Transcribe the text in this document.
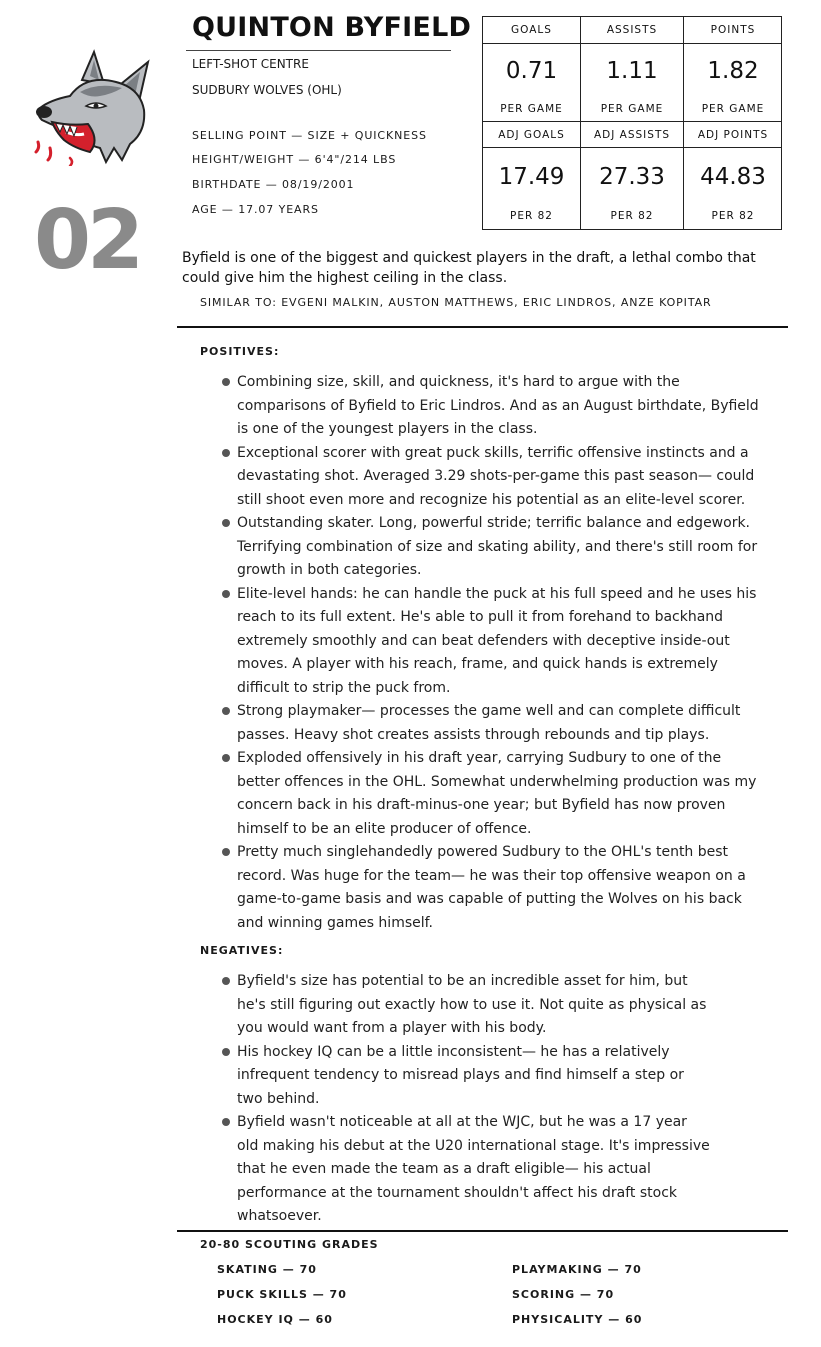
02
QUINTON BYFIELD
LEFT-SHOT CENTRE
SUDBURY WOLVES (OHL)
SELLING POINT — SIZE + QUICKNESS
HEIGHT/WEIGHT — 6'4"/214 LBS
BIRTHDATE — 08/19/2001
AGE — 17.07 YEARS
GOALS	ASSISTS	POINTS
0.71	1.11	1.82
PER GAME	PER GAME	PER GAME
ADJ GOALS	ADJ ASSISTS	ADJ POINTS
17.49	27.33	44.83
PER 82	PER 82	PER 82
Byfield is one of the biggest and quickest players in the draft, a lethal combo that could give him the highest ceiling in the class.
SIMILAR TO: EVGENI MALKIN, AUSTON MATTHEWS, ERIC LINDROS, ANZE KOPITAR
POSITIVES:
Combining size, skill, and quickness, it's hard to argue with the comparisons of Byfield to Eric Lindros. And as an August birthdate, Byfield is one of the youngest players in the class.
Exceptional scorer with great puck skills, terrific offensive instincts and a devastating shot. Averaged 3.29 shots-per-game this past season— could still shoot even more and recognize his potential as an elite-level scorer.
Outstanding skater. Long, powerful stride; terrific balance and edgework. Terrifying combination of size and skating ability, and there's still room for growth in both categories.
Elite-level hands: he can handle the puck at his full speed and he uses his reach to its full extent. He's able to pull it from forehand to backhand extremely smoothly and can beat defenders with deceptive inside-out moves. A player with his reach, frame, and quick hands is extremely difficult to strip the puck from.
Strong playmaker— processes the game well and can complete difficult passes. Heavy shot creates assists through rebounds and tip plays.
Exploded offensively in his draft year, carrying Sudbury to one of the better offences in the OHL. Somewhat underwhelming production was my concern back in his draft-minus-one year; but Byfield has now proven himself to be an elite producer of offence.
Pretty much singlehandedly powered Sudbury to the OHL's tenth best record. Was huge for the team— he was their top offensive weapon on a game-to-game basis and was capable of putting the Wolves on his back and winning games himself.
NEGATIVES:
Byfield's size has potential to be an incredible asset for him, but he's still figuring out exactly how to use it. Not quite as physical as you would want from a player with his body.
His hockey IQ can be a little inconsistent— he has a relatively infrequent tendency to misread plays and find himself a step or two behind.
Byfield wasn't noticeable at all at the WJC, but he was a 17 year old making his debut at the U20 international stage. It's impressive that he even made the team as a draft eligible— his actual performance at the tournament shouldn't affect his draft stock whatsoever.
20-80 SCOUTING GRADES
SKATING — 70
PUCK SKILLS — 70
HOCKEY IQ — 60
PLAYMAKING — 70
SCORING — 70
PHYSICALITY — 60
